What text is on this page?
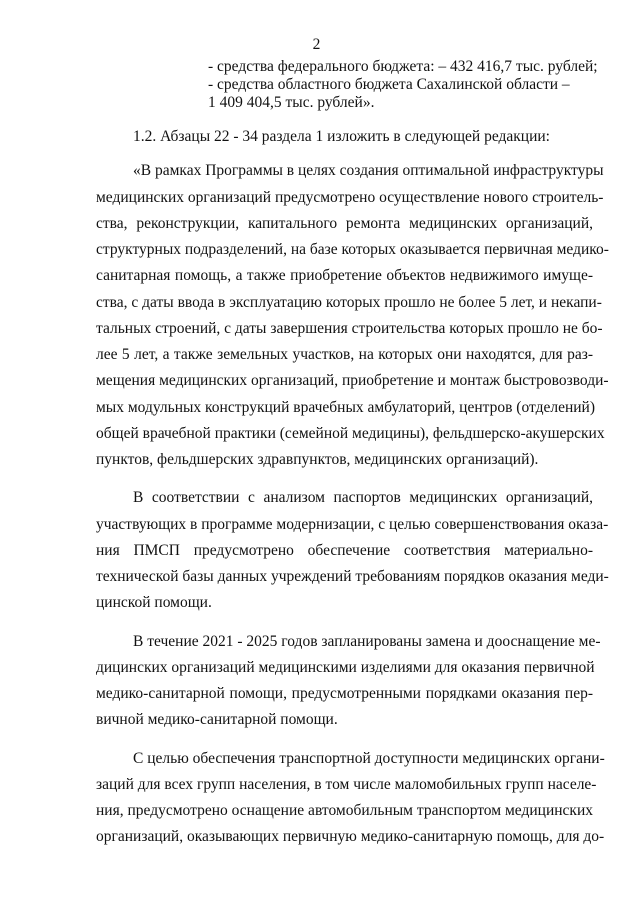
2
- средства федерального бюджета: – 432 416,7 тыс. рублей;
- средства областного бюджета Сахалинской области –
1 409 404,5 тыс. рублей».
1.2. Абзацы 22 - 34 раздела 1 изложить в следующей редакции:
«В рамках Программы в целях создания оптимальной инфраструктуры
медицинских организаций предусмотрено осуществление нового строитель-
ства, реконструкции, капитального ремонта медицинских организаций,
структурных подразделений, на базе которых оказывается первичная медико-
санитарная помощь, а также приобретение объектов недвижимого имуще-
ства, с даты ввода в эксплуатацию которых прошло не более 5 лет, и некапи-
тальных строений, с даты завершения строительства которых прошло не бо-
лее 5 лет, а также земельных участков, на которых они находятся, для раз-
мещения медицинских организаций, приобретение и монтаж быстровозводи-
мых модульных конструкций врачебных амбулаторий, центров (отделений)
общей врачебной практики (семейной медицины), фельдшерско-акушерских
пунктов, фельдшерских здравпунктов, медицинских организаций).
В соответствии с анализом паспортов медицинских организаций,
участвующих в программе модернизации, с целью совершенствования оказа-
ния ПМСП предусмотрено обеспечение соответствия материально-
технической базы данных учреждений требованиям порядков оказания меди-
цинской помощи.
В течение 2021 - 2025 годов запланированы замена и дооснащение ме-
дицинских организаций медицинскими изделиями для оказания первичной
медико-санитарной помощи, предусмотренными порядками оказания пер-
вичной медико-санитарной помощи.
С целью обеспечения транспортной доступности медицинских органи-
заций для всех групп населения, в том числе маломобильных групп населе-
ния, предусмотрено оснащение автомобильным транспортом медицинских
организаций, оказывающих первичную медико-санитарную помощь, для до-
